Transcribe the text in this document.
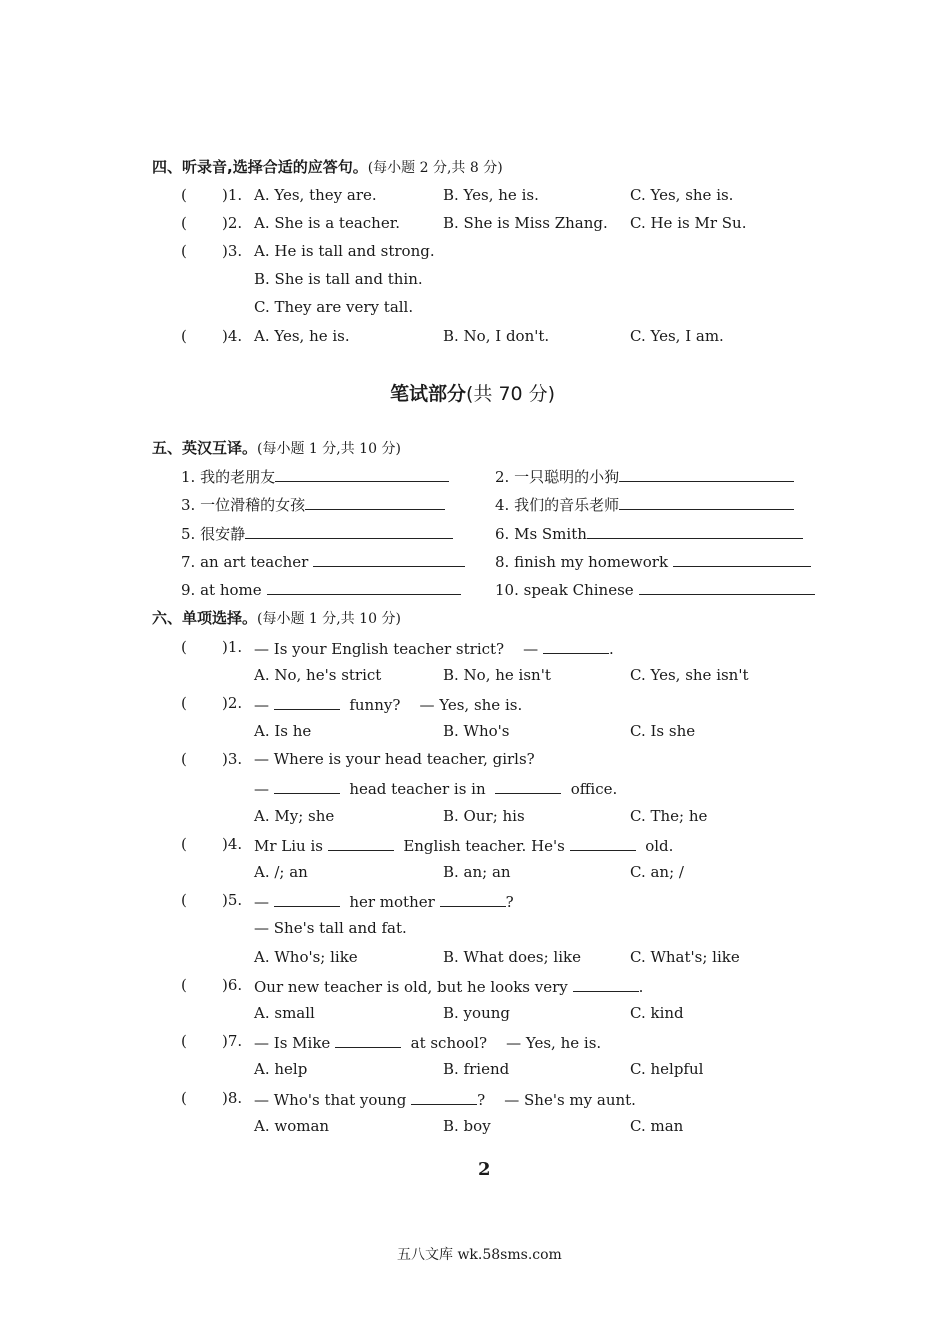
四、听录音,选择合适的应答句。(每小题 2 分,共 8 分)
( )1. A. Yes, they are.	B. Yes, he is.	C. Yes, she is.
( )2. A. She is a teacher.	B. She is Miss Zhang. C. He is Mr Su.
( )3. A. He is tall and strong.
B. She is tall and thin.
C. They are very tall.
( )4. A. Yes, he is.	B. No, I don't.	C. Yes, I am.
笔试部分(共 70 分)
五、英汉互译。(每小题 1 分,共 10 分)
1. 我的老朋友	2. 一只聪明的小狗
3. 一位滑稽的女孩	4. 我们的音乐老师
5. 很安静	6. Ms Smith
7. an art teacher	8. finish my homework
9. at home	10. speak Chinese
六、单项选择。(每小题 1 分,共 10 分)
( )1. — Is your English teacher strict? —	.
A. No, he's strict	B. No, he isn't	C. Yes, she isn't
( )2. —	funny? — Yes, she is.
A. Is he	B. Who's	C. Is she
( )3. — Where is your head teacher, girls?
—	head teacher is in	office.
A. My; she	B. Our; his	C. The; he
( )4. Mr Liu is	English teacher. He's	old.
A. /; an	B. an; an	C. an; /
( )5. —	her mother	?
— She's tall and fat.
A. Who's; like	B. What does; like	C. What's; like
( )6. Our new teacher is old, but he looks very	.
A. small	B. young	C. kind
( )7. — Is Mike	at school? — Yes, he is.
A. help	B. friend	C. helpful
( )8. — Who's that young	? — She's my aunt.
A. woman	B. boy	C. man
2
五八文库 wk.58sms.com
